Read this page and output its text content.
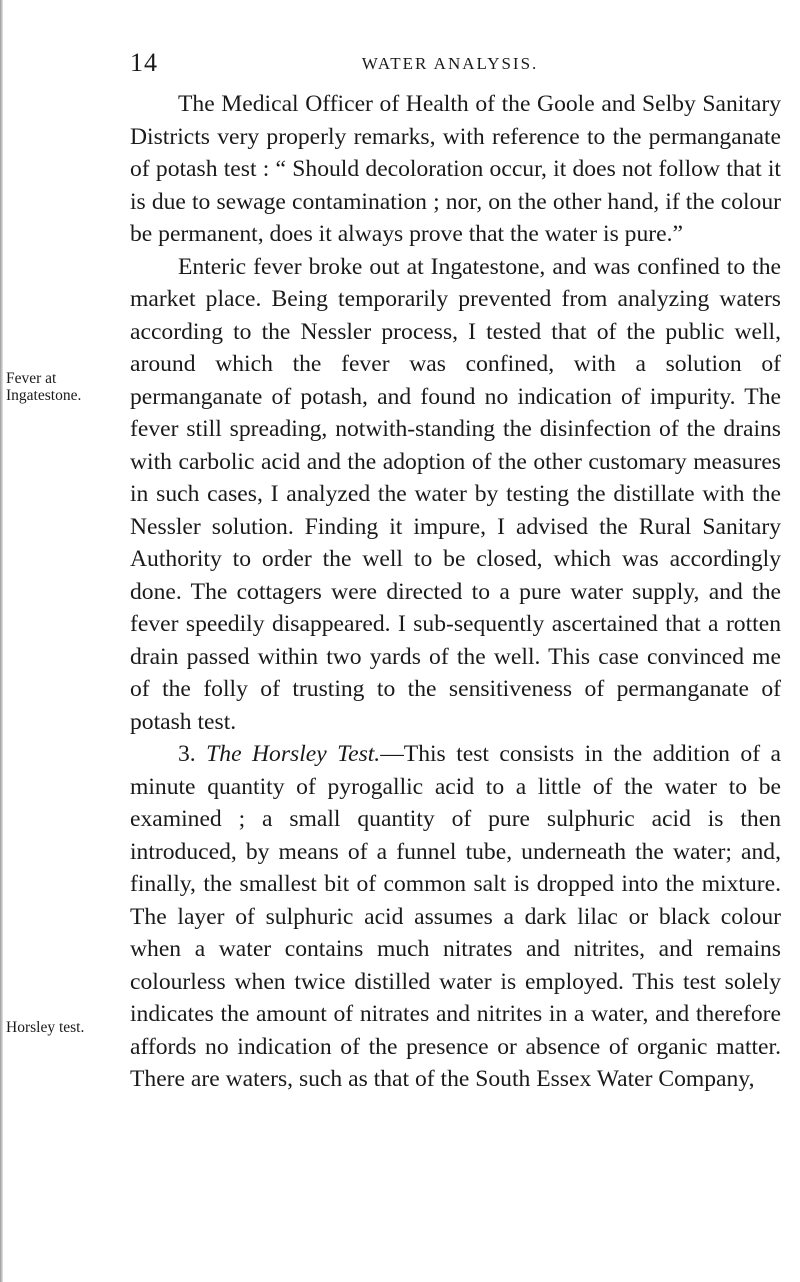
14	WATER ANALYSIS.
Fever at Ingatestone.
Horsley test.

The Medical Officer of Health of the Goole and Selby Sanitary Districts very properly remarks, with reference to the permanganate of potash test : “ Should decoloration occur, it does not follow that it is due to sewage contamination ; nor, on the other hand, if the colour be permanent, does it always prove that the water is pure.”

Enteric fever broke out at Ingatestone, and was confined to the market place. Being temporarily prevented from analyzing waters according to the Nessler process, I tested that of the public well, around which the fever was confined, with a solution of permanganate of potash, and found no indication of impurity. The fever still spreading, notwith-standing the disinfection of the drains with carbolic acid and the adoption of the other customary measures in such cases, I analyzed the water by testing the distillate with the Nessler solution. Finding it impure, I advised the Rural Sanitary Authority to order the well to be closed, which was accordingly done. The cottagers were directed to a pure water supply, and the fever speedily disappeared. I sub-sequently ascertained that a rotten drain passed within two yards of the well. This case convinced me of the folly of trusting to the sensitiveness of permanganate of potash test.

3. The Horsley Test.—This test consists in the addition of a minute quantity of pyrogallic acid to a little of the water to be examined ; a small quantity of pure sulphuric acid is then introduced, by means of a funnel tube, underneath the water; and, finally, the smallest bit of common salt is dropped into the mixture. The layer of sulphuric acid assumes a dark lilac or black colour when a water contains much nitrates and nitrites, and remains colourless when twice distilled water is employed. This test solely indicates the amount of nitrates and nitrites in a water, and therefore affords no indication of the presence or absence of organic matter. There are waters, such as that of the South Essex Water Company,
